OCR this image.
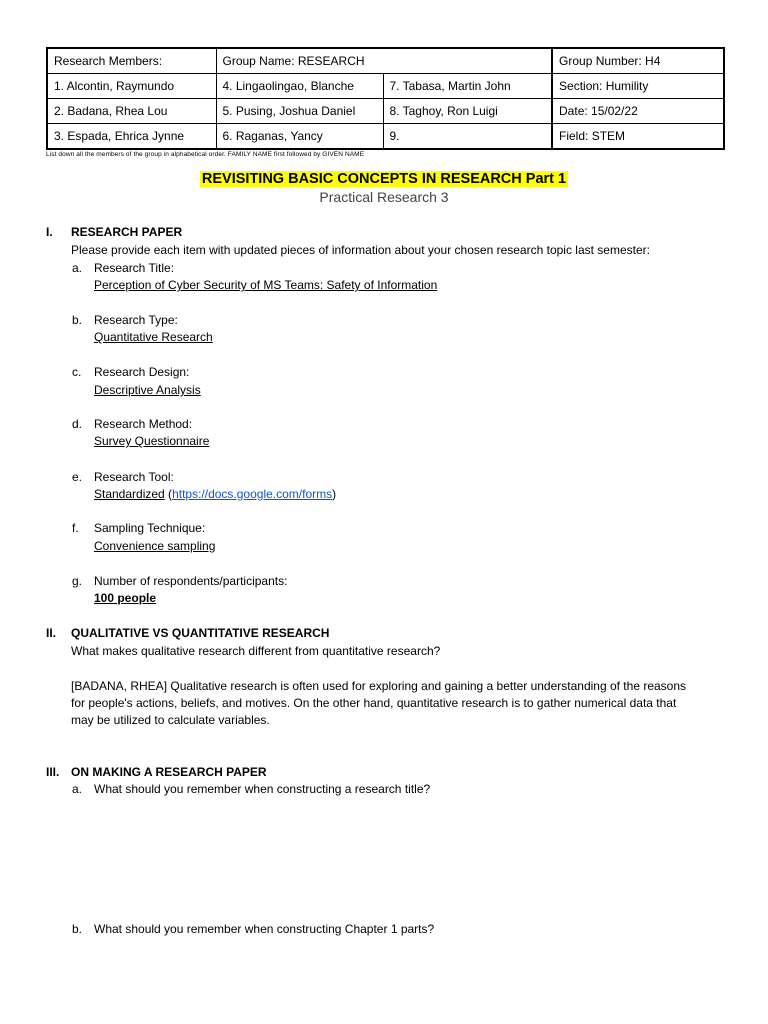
Research Members:	Group Name: RESEARCH		Group Number: H4
1. Alcontin, Raymundo	4. Lingaolingao, Blanche	7. Tabasa, Martin John	Section: Humility
2. Badana, Rhea Lou	5. Pusing, Joshua Daniel	8. Taghoy, Ron Luigi	Date: 15/02/22
3. Espada, Ehrica Jynne	6. Raganas, Yancy	9.	Field: STEM
List down all the members of the group in alphabetical order. FAMILY NAME first followed by GIVEN NAME
REVISITING BASIC CONCEPTS IN RESEARCH Part 1
Practical Research 3
I. RESEARCH PAPER
Please provide each item with updated pieces of information about your chosen research topic last semester:
a. Research Title:
Perception of Cyber Security of MS Teams: Safety of Information
b. Research Type:
Quantitative Research
c. Research Design:
Descriptive Analysis
d. Research Method:
Survey Questionnaire
e. Research Tool:
Standardized (https://docs.google.com/forms)
f. Sampling Technique:
Convenience sampling
g. Number of respondents/participants:
100 people
II. QUALITATIVE VS QUANTITATIVE RESEARCH
What makes qualitative research different from quantitative research?
[BADANA, RHEA] Qualitative research is often used for exploring and gaining a better understanding of the reasons
for people's actions, beliefs, and motives. On the other hand, quantitative research is to gather numerical data that
may be utilized to calculate variables.
III. ON MAKING A RESEARCH PAPER
a. What should you remember when constructing a research title?
b. What should you remember when constructing Chapter 1 parts?
